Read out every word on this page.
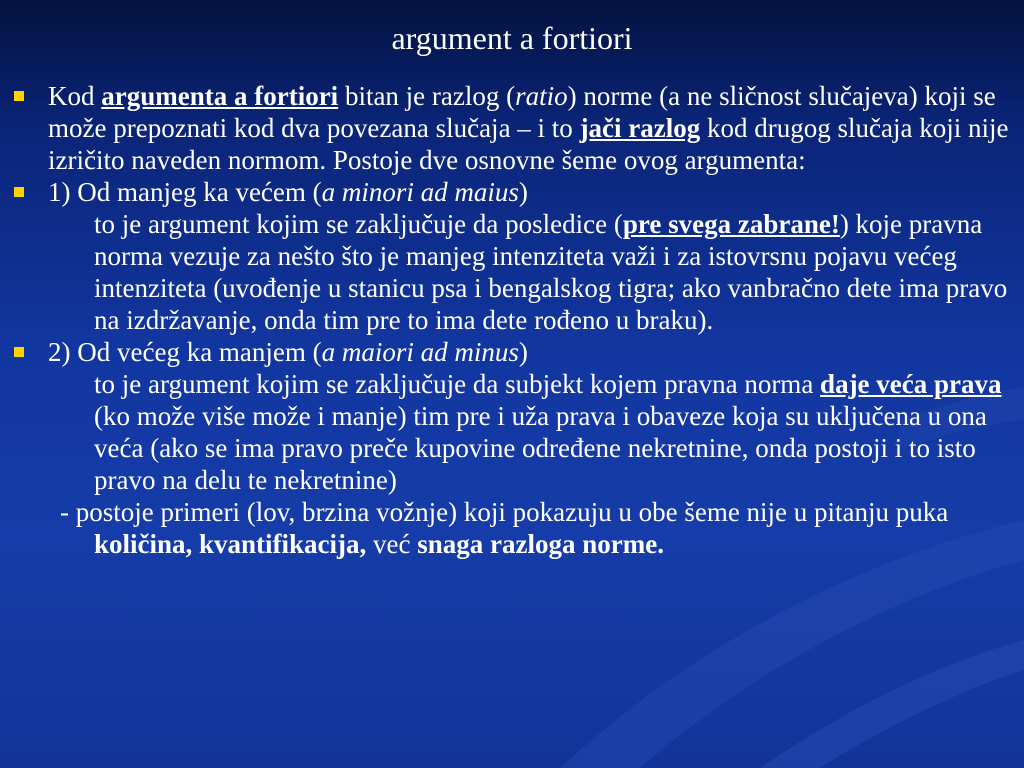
argument a fortiori
Kod argumenta a fortiori bitan je razlog (ratio) norme (a ne sličnost slučajeva) koji se može prepoznati kod dva povezana slučaja – i to jači razlog kod drugog slučaja koji nije izričito naveden normom. Postoje dve osnovne šeme ovog argumenta:
1) Od manjeg ka većem (a minori ad maius)
to je argument kojim se zaključuje da posledice (pre svega zabrane!) koje pravna norma vezuje za nešto što je manjeg intenziteta važi i za istovrsnu pojavu većeg intenziteta (uvođenje u stanicu psa i bengalskog tigra; ako vanbračno dete ima pravo na izdržavanje, onda tim pre to ima dete rođeno u braku).
2) Od većeg ka manjem (a maiori ad minus)
to je argument kojim se zaključuje da subjekt kojem pravna norma daje veća prava (ko može više može i manje) tim pre i uža prava i obaveze koja su uključena u ona veća (ako se ima pravo preče kupovine određene nekretnine, onda postoji i to isto pravo na delu te nekretnine)
- postoje primeri (lov, brzina vožnje) koji pokazuju u obe šeme nije u pitanju puka količina, kvantifikacija, već snaga razloga norme.
